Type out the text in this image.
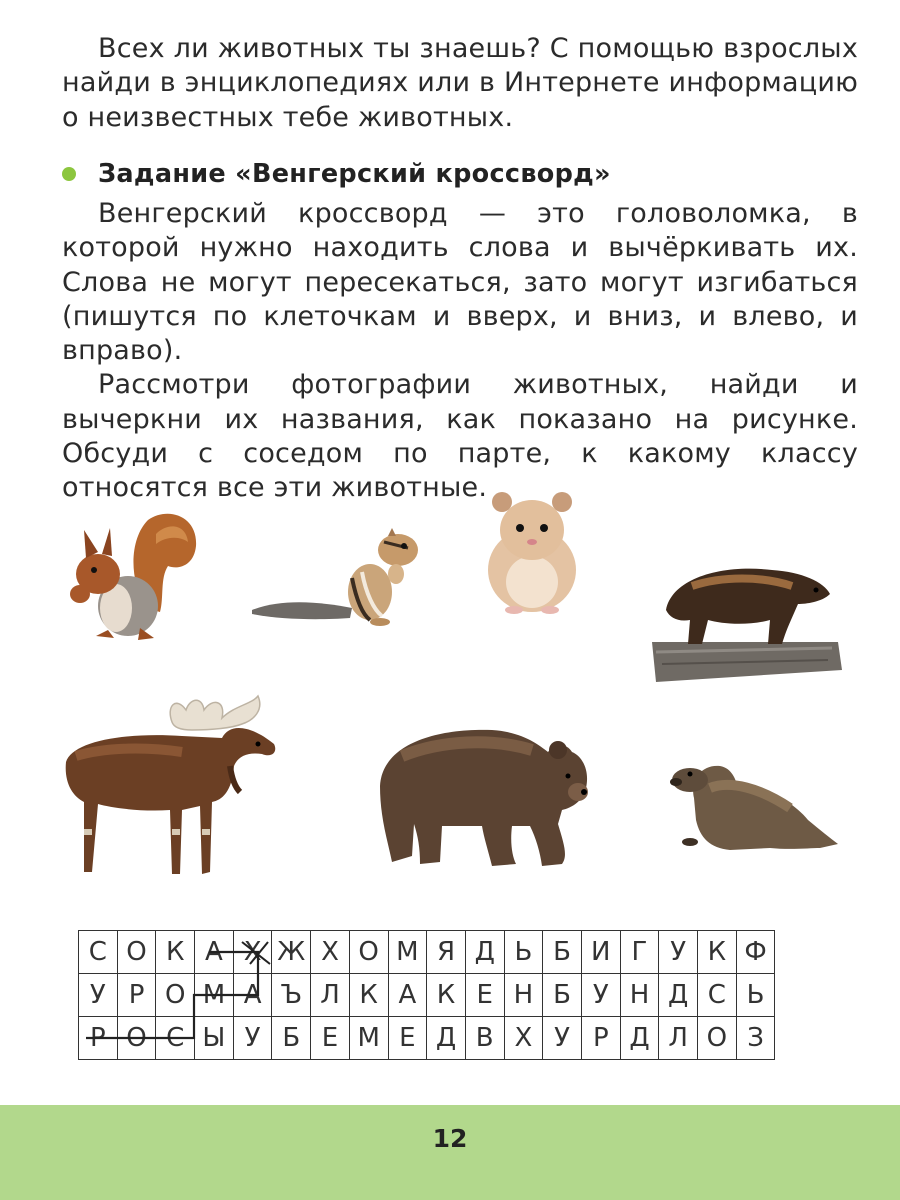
Всех ли животных ты знаешь? С помощью взрослых найди в энциклопедиях или в Интернете информацию о неизвестных тебе животных.

Задание «Венгерский кроссворд»

Венгерский кроссворд — это головоломка, в которой нужно находить слова и вычёркивать их. Слова не могут пересекаться, зато могут изгибаться (пишутся по клеточкам и вверх, и вниз, и влево, и вправо).

Рассмотри фотографии животных, найди и вычеркни их названия, как показано на рисунке. Обсуди с соседом по парте, к какому классу относятся все эти животные.

С	О	К	А	Х	Ж	Х	О	М	Я	Д	Ь	Б	И	Г	У	К	Ф
У	Р	О	М	А	Ъ	Л	К	А	К	Е	Н	Б	У	Н	Д	С	Ь
Р	О	С	Ы	У	Б	Е	М	Е	Д	В	Х	У	Р	Д	Л	О	З
12
